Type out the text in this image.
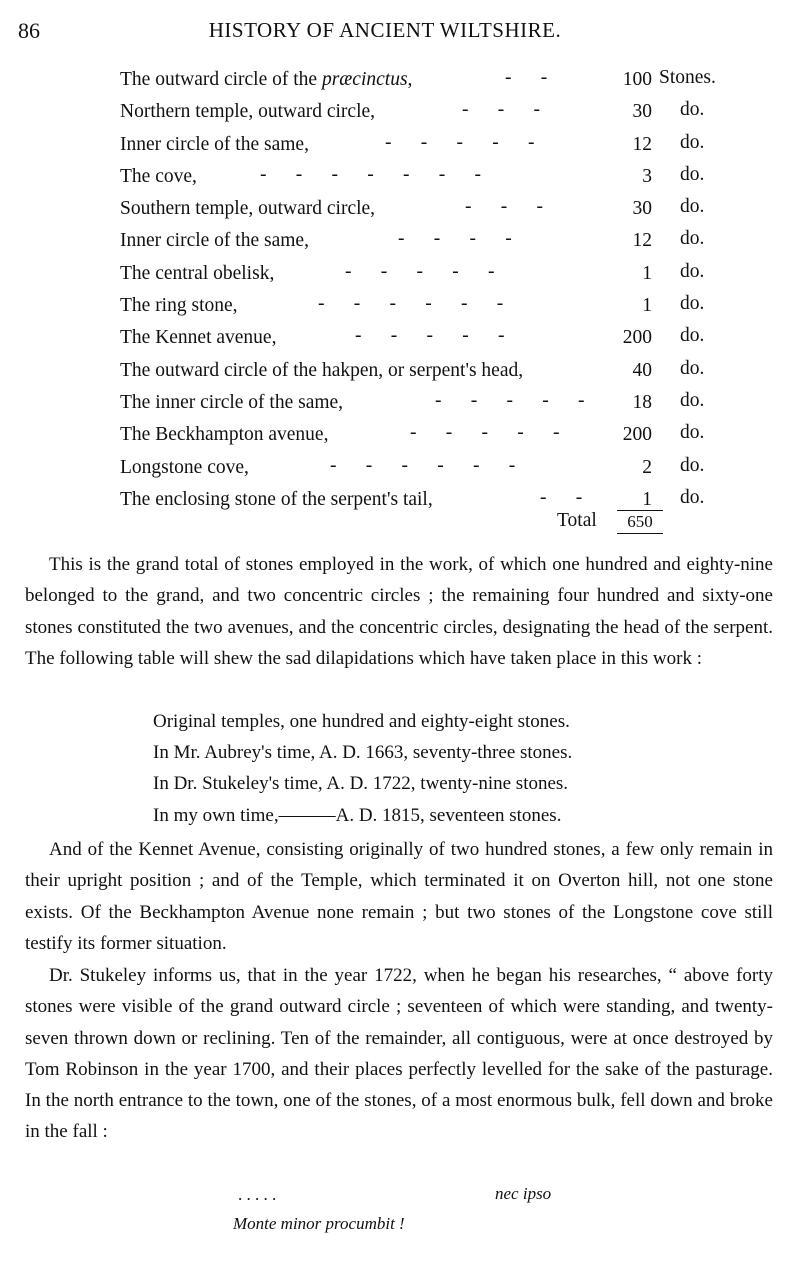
86	HISTORY OF ANCIENT WILTSHIRE.
The outward circle of the præcinctus,	-      -	100 Stones.
Northern temple, outward circle,	-      -      -	30 do.
Inner circle of the same,	-      -      -      -      -	12 do.
The cove,	-      -      -      -      -      -      -	3 do.
Southern temple, outward circle,	-      -      -	30 do.
Inner circle of the same,	-      -      -      -	12 do.
The central obelisk,	-      -      -      -      -	1 do.
The ring stone,	-      -      -      -      -      -	1 do.
The Kennet avenue,	-      -      -      -      -	200 do.
The outward circle of the hakpen, or serpent's head,	40 do.
The inner circle of the same,	-      -      -      -      -	18 do.
The Beckhampton avenue,	-      -      -      -      -	200 do.
Longstone cove,	-      -      -      -      -      -	2 do.
The enclosing stone of the serpent's tail,	-      -	1 do.
Total	650
This is the grand total of stones employed in the work, of which one hundred and eighty-nine belonged to the grand, and two concentric circles ; the remaining four hundred and sixty-one stones constituted the two avenues, and the concentric circles, designating the head of the serpent. The following table will shew the sad dilapidations which have taken place in this work :
Original temples, one hundred and eighty-eight stones.
In Mr. Aubrey's time, A. D. 1663, seventy-three stones.
In Dr. Stukeley's time, A. D. 1722, twenty-nine stones.
In my own time,———A. D. 1815, seventeen stones.
And of the Kennet Avenue, consisting originally of two hundred stones, a few only remain in their upright position ; and of the Temple, which terminated it on Overton hill, not one stone exists. Of the Beckhampton Avenue none remain ; but two stones of the Longstone cove still testify its former situation.
Dr. Stukeley informs us, that in the year 1722, when he began his researches, “ above forty stones were visible of the grand outward circle ; seventeen of which were standing, and twenty-seven thrown down or reclining. Ten of the remainder, all contiguous, were at once destroyed by Tom Robinson in the year 1700, and their places perfectly levelled for the sake of the pasturage. In the north entrance to the town, one of the stones, of a most enormous bulk, fell down and broke in the fall :
. . . . .	nec ipso
Monte minor procumbit !
